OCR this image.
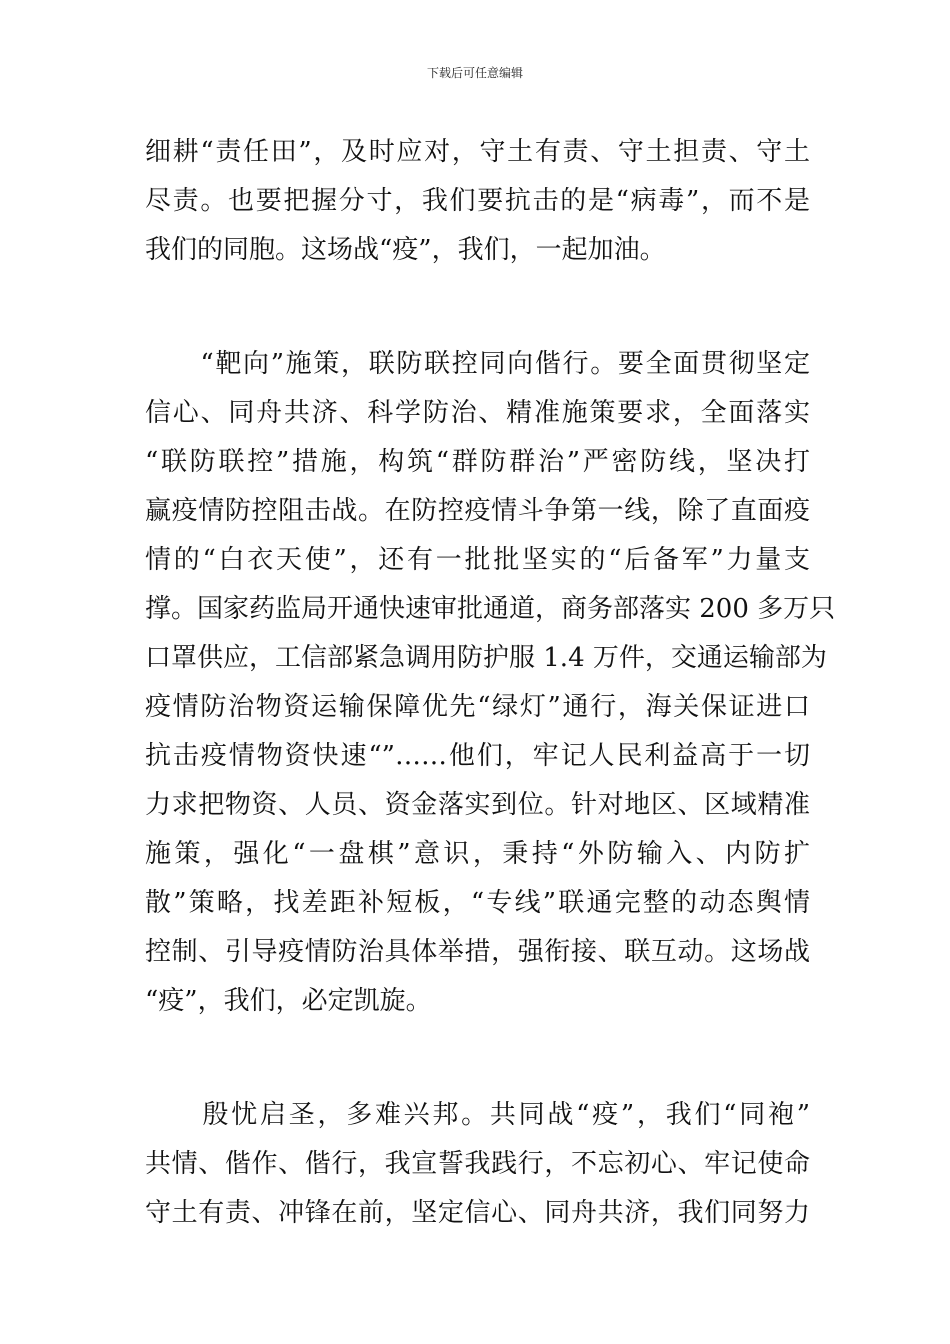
下载后可任意编辑

细耕“责任田”，及时应对，守土有责、守土担责、守土
尽责。也要把握分寸，我们要抗击的是“病毒”，而不是
我们的同胞。这场战“疫”，我们，一起加油。

　　“靶向”施策，联防联控同向偕行。要全面贯彻坚定
信心、同舟共济、科学防治、精准施策要求，全面落实
“联防联控”措施，构筑“群防群治”严密防线，坚决打
赢疫情防控阻击战。在防控疫情斗争第一线，除了直面疫
情的“白衣天使”，还有一批批坚实的“后备军”力量支
撑。国家药监局开通快速审批通道，商务部落实 200 多万只
口罩供应，工信部紧急调用防护服 1.4 万件，交通运输部为
疫情防治物资运输保障优先“绿灯”通行，海关保证进口
抗击疫情物资快速“”……他们，牢记人民利益高于一切
力求把物资、人员、资金落实到位。针对地区、区域精准
施策，强化“一盘棋”意识，秉持“外防输入、内防扩
散”策略，找差距补短板，“专线”联通完整的动态舆情
控制、引导疫情防治具体举措，强衔接、联互动。这场战
“疫”，我们，必定凯旋。

　　殷忧启圣，多难兴邦。共同战“疫”，我们“同袍”
共情、偕作、偕行，我宣誓我践行，不忘初心、牢记使命
守土有责、冲锋在前，坚定信心、同舟共济，我们同努力
